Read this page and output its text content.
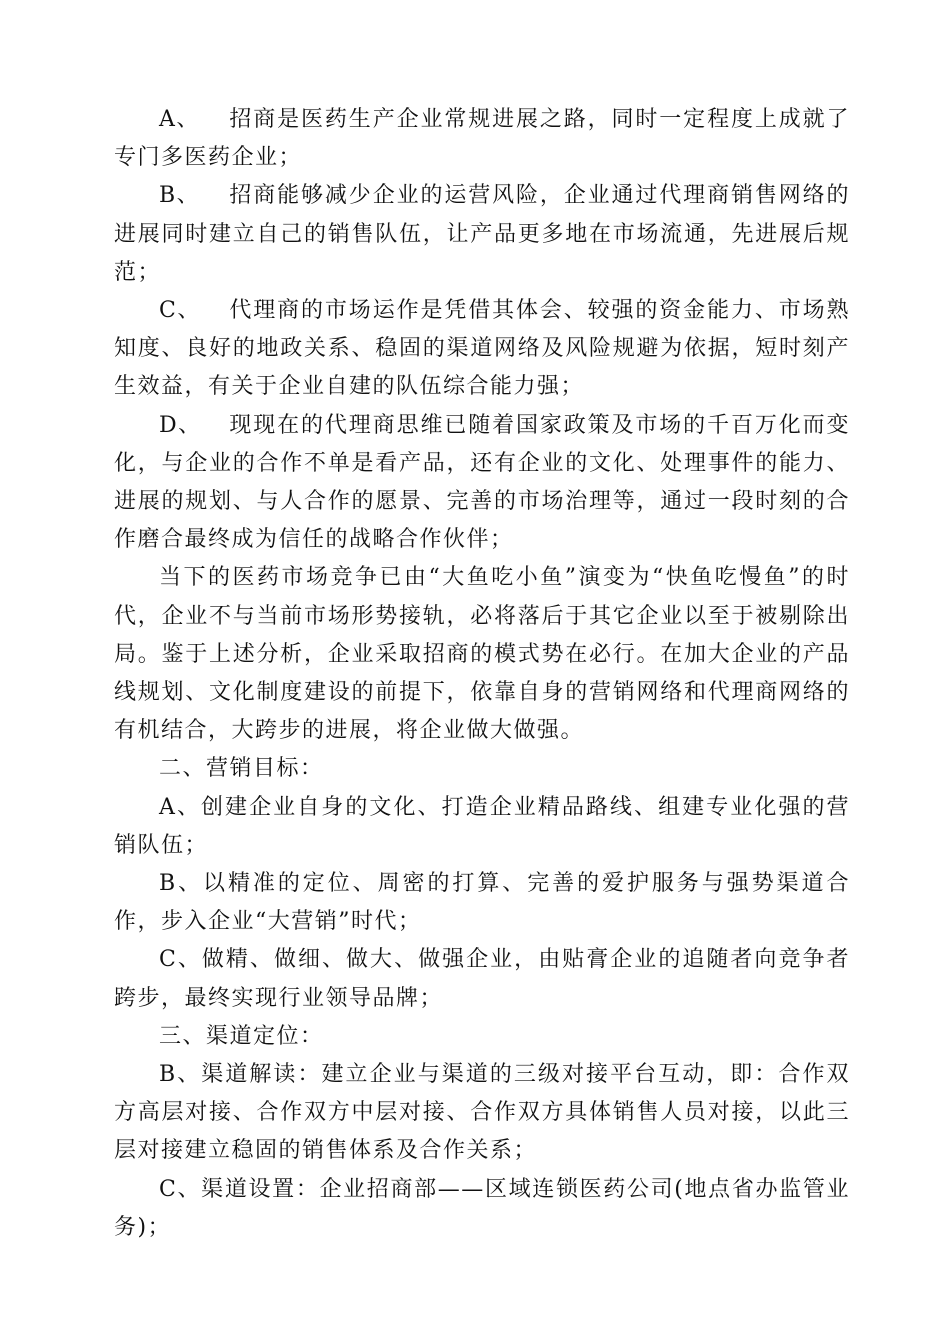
A、 招商是医药生产企业常规进展之路，同时一定程度上成就了专门多医药企业；

B、 招商能够减少企业的运营风险，企业通过代理商销售网络的进展同时建立自己的销售队伍，让产品更多地在市场流通，先进展后规范；

C、 代理商的市场运作是凭借其体会、较强的资金能力、市场熟知度、良好的地政关系、稳固的渠道网络及风险规避为依据，短时刻产生效益，有关于企业自建的队伍综合能力强；

D、 现现在的代理商思维已随着国家政策及市场的千百万化而变化，与企业的合作不单是看产品，还有企业的文化、处理事件的能力、进展的规划、与人合作的愿景、完善的市场治理等，通过一段时刻的合作磨合最终成为信任的战略合作伙伴；

当下的医药市场竞争已由“大鱼吃小鱼”演变为“快鱼吃慢鱼”的时代，企业不与当前市场形势接轨，必将落后于其它企业以至于被剔除出局。鉴于上述分析，企业采取招商的模式势在必行。在加大企业的产品线规划、文化制度建设的前提下，依靠自身的营销网络和代理商网络的有机结合，大跨步的进展，将企业做大做强。

二、营销目标：

A、创建企业自身的文化、打造企业精品路线、组建专业化强的营销队伍；

B、以精准的定位、周密的打算、完善的爱护服务与强势渠道合作，步入企业“大营销”时代；

C、做精、做细、做大、做强企业，由贴膏企业的追随者向竞争者跨步，最终实现行业领导品牌；

三、渠道定位：

B、渠道解读：建立企业与渠道的三级对接平台互动，即：合作双方高层对接、合作双方中层对接、合作双方具体销售人员对接，以此三层对接建立稳固的销售体系及合作关系；

C、渠道设置：企业招商部——区域连锁医药公司(地点省办监管业务)；
